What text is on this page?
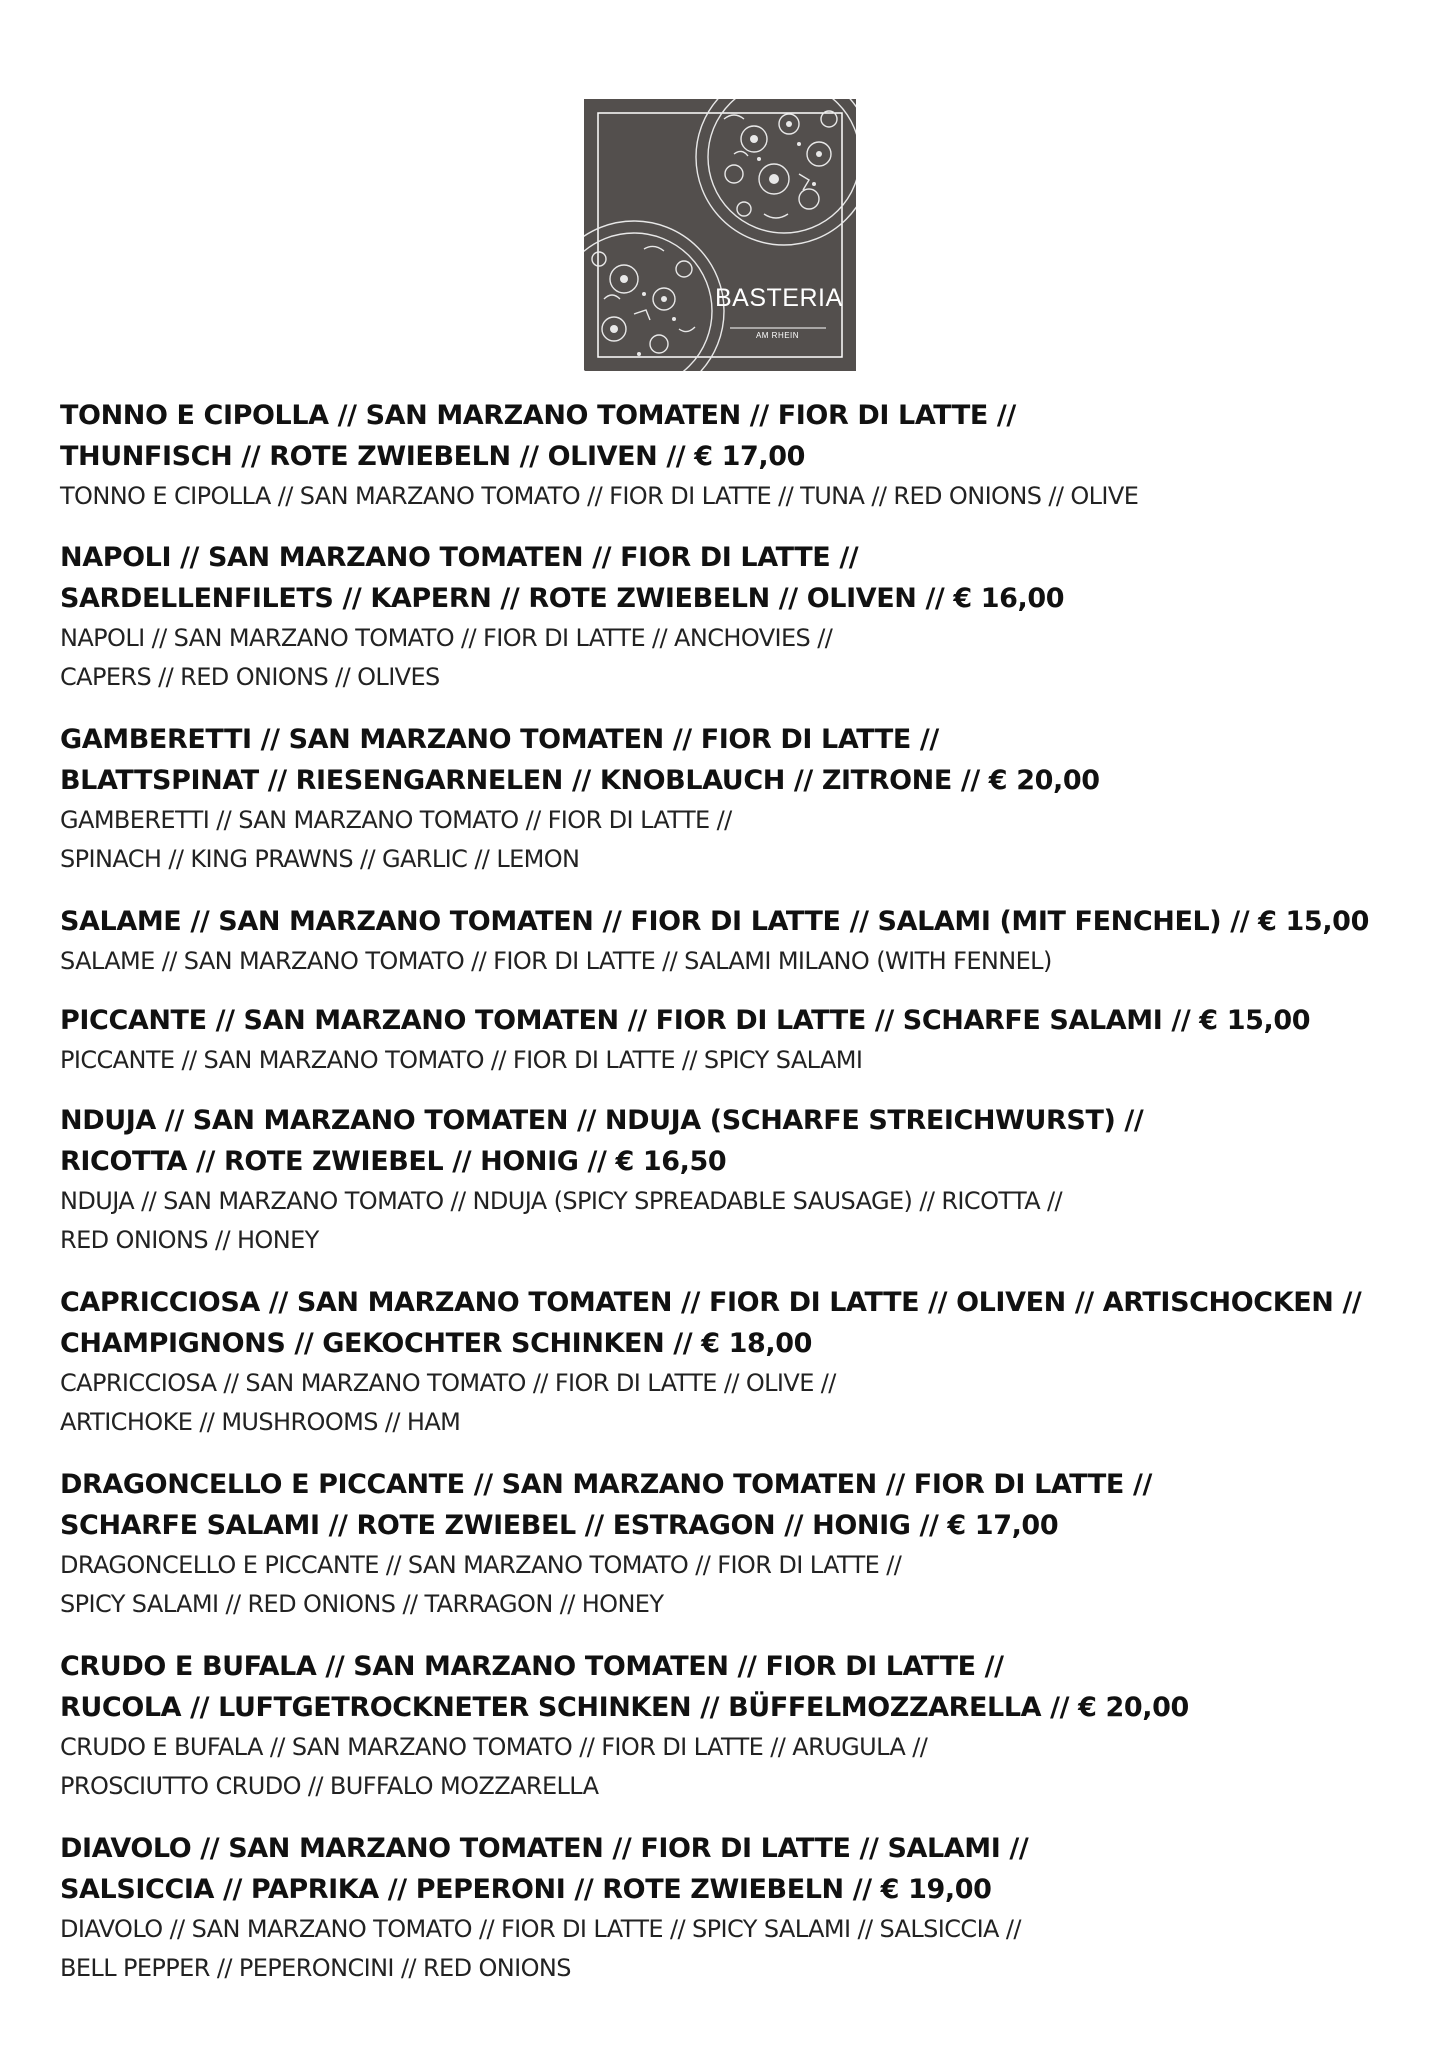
BASTERIA
AM RHEIN
TONNO E CIPOLLA // SAN MARZANO TOMATEN // FIOR DI LATTE //
THUNFISCH // ROTE ZWIEBELN // OLIVEN // € 17,00
TONNO E CIPOLLA // SAN MARZANO TOMATO // FIOR DI LATTE // TUNA // RED ONIONS // OLIVE
NAPOLI // SAN MARZANO TOMATEN // FIOR DI LATTE //
SARDELLENFILETS // KAPERN // ROTE ZWIEBELN // OLIVEN // € 16,00
NAPOLI // SAN MARZANO TOMATO // FIOR DI LATTE // ANCHOVIES //
CAPERS // RED ONIONS // OLIVES
GAMBERETTI // SAN MARZANO TOMATEN // FIOR DI LATTE //
BLATTSPINAT // RIESENGARNELEN // KNOBLAUCH // ZITRONE // € 20,00
GAMBERETTI // SAN MARZANO TOMATO // FIOR DI LATTE //
SPINACH // KING PRAWNS // GARLIC // LEMON
SALAME // SAN MARZANO TOMATEN // FIOR DI LATTE // SALAMI (MIT FENCHEL) // € 15,00
SALAME // SAN MARZANO TOMATO // FIOR DI LATTE // SALAMI MILANO (WITH FENNEL)
PICCANTE // SAN MARZANO TOMATEN // FIOR DI LATTE // SCHARFE SALAMI // € 15,00
PICCANTE // SAN MARZANO TOMATO // FIOR DI LATTE // SPICY SALAMI
NDUJA // SAN MARZANO TOMATEN // NDUJA (SCHARFE STREICHWURST) //
RICOTTA // ROTE ZWIEBEL // HONIG // € 16,50
NDUJA // SAN MARZANO TOMATO // NDUJA (SPICY SPREADABLE SAUSAGE) // RICOTTA //
RED ONIONS // HONEY
CAPRICCIOSA // SAN MARZANO TOMATEN // FIOR DI LATTE // OLIVEN // ARTISCHOCKEN //
CHAMPIGNONS // GEKOCHTER SCHINKEN // € 18,00
CAPRICCIOSA // SAN MARZANO TOMATO // FIOR DI LATTE // OLIVE //
ARTICHOKE // MUSHROOMS // HAM
DRAGONCELLO E PICCANTE // SAN MARZANO TOMATEN // FIOR DI LATTE //
SCHARFE SALAMI // ROTE ZWIEBEL // ESTRAGON // HONIG // € 17,00
DRAGONCELLO E PICCANTE // SAN MARZANO TOMATO // FIOR DI LATTE //
SPICY SALAMI // RED ONIONS // TARRAGON // HONEY
CRUDO E BUFALA // SAN MARZANO TOMATEN // FIOR DI LATTE //
RUCOLA // LUFTGETROCKNETER SCHINKEN // BÜFFELMOZZARELLA // € 20,00
CRUDO E BUFALA // SAN MARZANO TOMATO // FIOR DI LATTE // ARUGULA //
PROSCIUTTO CRUDO // BUFFALO MOZZARELLA
DIAVOLO // SAN MARZANO TOMATEN // FIOR DI LATTE // SALAMI //
SALSICCIA // PAPRIKA // PEPERONI // ROTE ZWIEBELN // € 19,00
DIAVOLO // SAN MARZANO TOMATO // FIOR DI LATTE // SPICY SALAMI // SALSICCIA //
BELL PEPPER // PEPERONCINI // RED ONIONS
